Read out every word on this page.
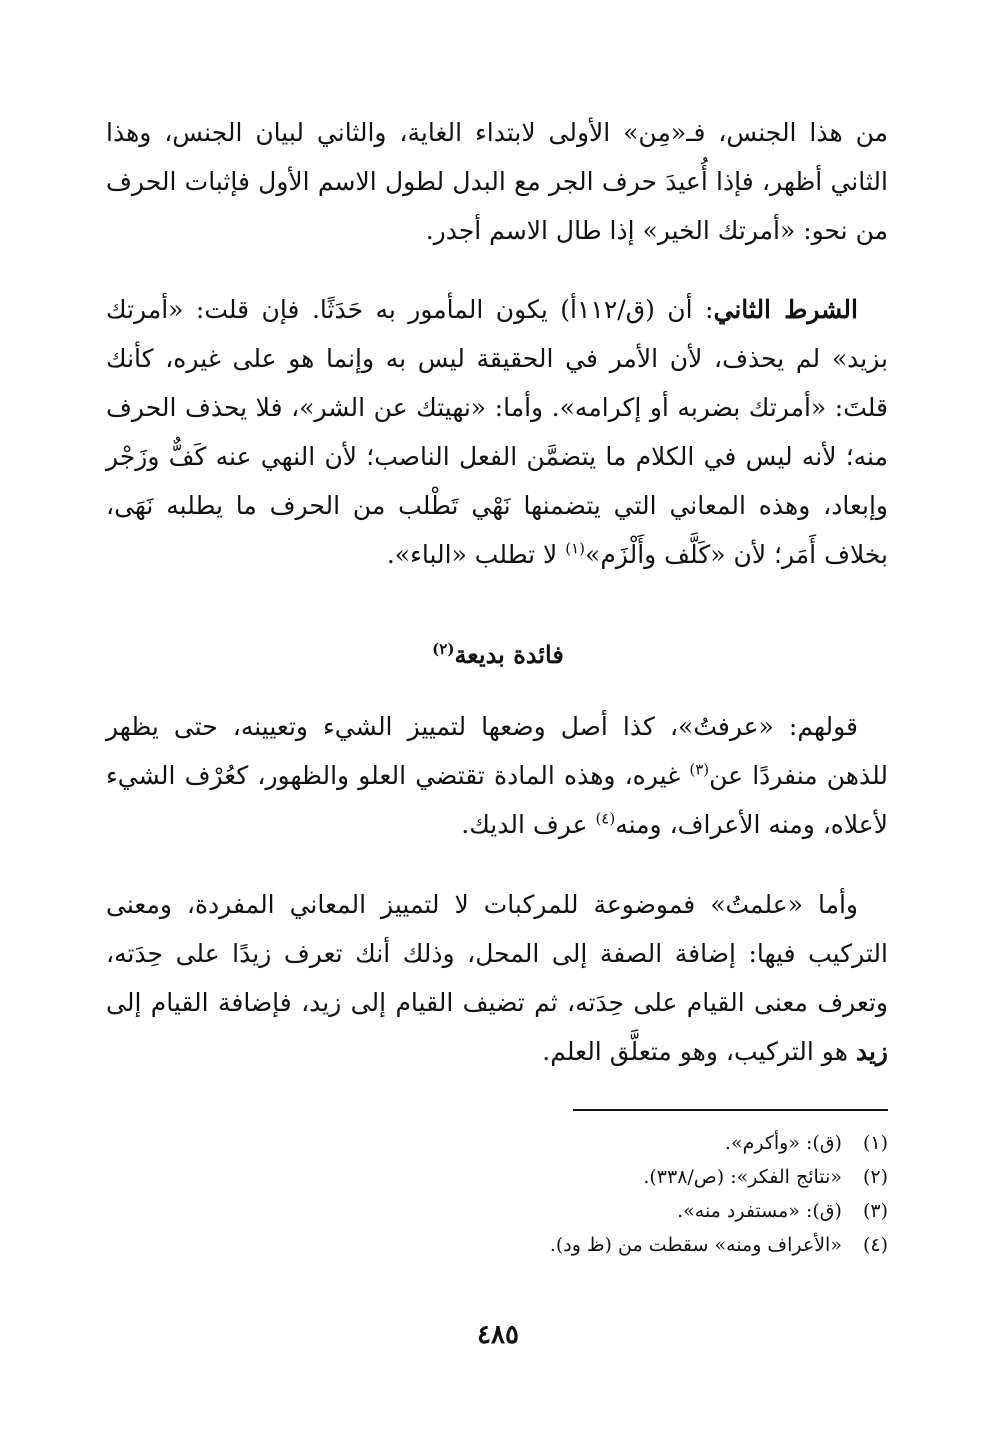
من هذا الجنس، فـ«مِن» الأولى لابتداء الغاية، والثاني لبيان الجنس، وهذا الثاني أظهر، فإذا أُعيدَ حرف الجر مع البدل لطول الاسم الأول فإثبات الحرف من نحو: «أمرتك الخير» إذا طال الاسم أجدر.

الشرط الثاني: أن (ق/١١٢أ) يكون المأمور به حَدَثًا. فإن قلت: «أمرتك بزيد» لم يحذف، لأن الأمر في الحقيقة ليس به وإنما هو على غيره، كأنك قلتَ: «أمرتك بضربه أو إكرامه». وأما: «نهيتك عن الشر»، فلا يحذف الحرف منه؛ لأنه ليس في الكلام ما يتضمَّن الفعل الناصب؛ لأن النهي عنه كَفٌّ وزَجْر وإبعاد، وهذه المعاني التي يتضمنها نَهْي تَطْلب من الحرف ما يطلبه نَهَى، بخلاف أَمَر؛ لأن «كَلَّف وأَلْزَم»$^{(١)}$ لا تطلب «الباء».

فائدة بديعة$^{(٢)}$

قولهم: «عرفتُ»، كذا أصل وضعها لتمييز الشيء وتعيينه، حتى يظهر للذهن منفردًا عن$^{(٣)}$ غيره، وهذه المادة تقتضي العلو والظهور، كعُرْف الشيء لأعلاه، ومنه الأعراف، ومنه$^{(٤)}$ عرف الديك.

وأما «علمتُ» فموضوعة للمركبات لا لتمييز المعاني المفردة، ومعنى التركيب فيها: إضافة الصفة إلى المحل، وذلك أنك تعرف زيدًا على حِدَته، وتعرف معنى القيام على حِدَته، ثم تضيف القيام إلى زيد، فإضافة القيام إلى زيد هو التركيب، وهو متعلَّق العلم.

(١) (ق): «وأكرم».

(٢) «نتائج الفكر»: (ص/٣٣٨).

(٣) (ق): «مستفرد منه».

(٤) «الأعراف ومنه» سقطت من (ظ ود).

٤٨٥
